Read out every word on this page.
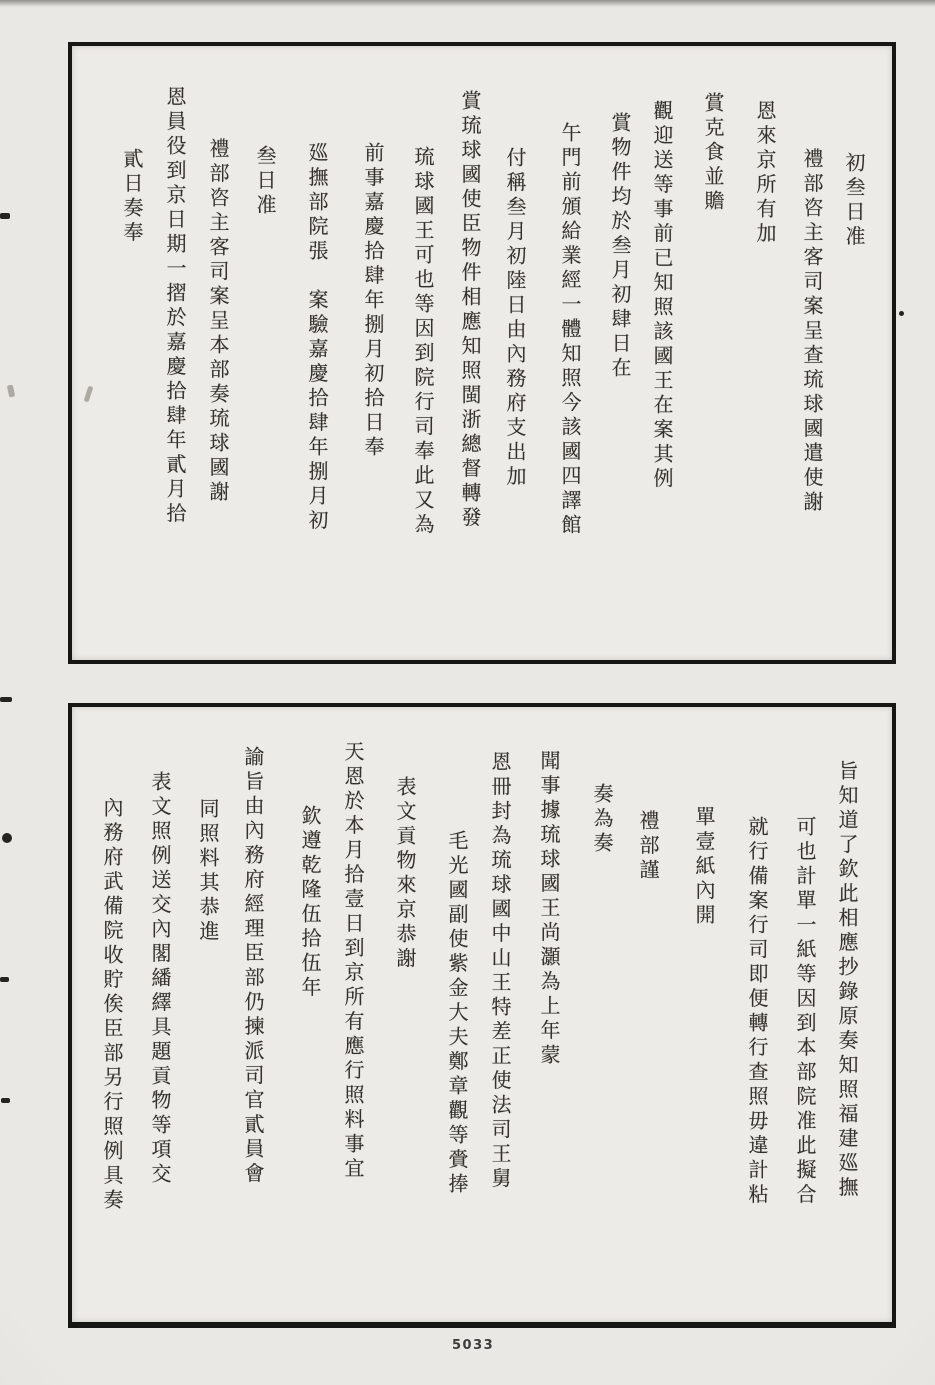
初叁日准
禮部咨主客司案呈查琉球國遣使謝
恩來京所有加
賞克食並贍
觀迎送等事前已知照該國王在案其例
賞物件均於叁月初肆日在
午門前頒給業經一體知照今該國四譯館
付稱叁月初陸日由內務府支出加
賞琉球國使臣物件相應知照閩浙總督轉發
琉球國王可也等因到院行司奉此又為
前事嘉慶拾肆年捌月初拾日奉
廵撫部院張　案驗嘉慶拾肆年捌月初
叁日准
禮部咨主客司案呈本部奏琉球國謝
恩員役到京日期一摺於嘉慶拾肆年貳月拾
貳日奏奉
旨知道了欽此相應抄錄原奏知照福建廵撫
可也計單一紙等因到本部院准此擬合
就行備案行司即便轉行查照毋違計粘
單壹紙內開
禮部謹
奏為奏
聞事據琉球國王尚灝為上年蒙
恩冊封為琉球國中山王特差正使法司王舅
毛光國副使紫金大夫鄭章觀等賫捧
表文貢物來京恭謝
天恩於本月拾壹日到京所有應行照料事宜
欽遵乾隆伍拾伍年
諭旨由內務府經理臣部仍揀派司官貳員會
同照料其恭進
表文照例送交內閣繙繹具題貢物等項交
內務府武備院收貯俟臣部另行照例具奏
5033
